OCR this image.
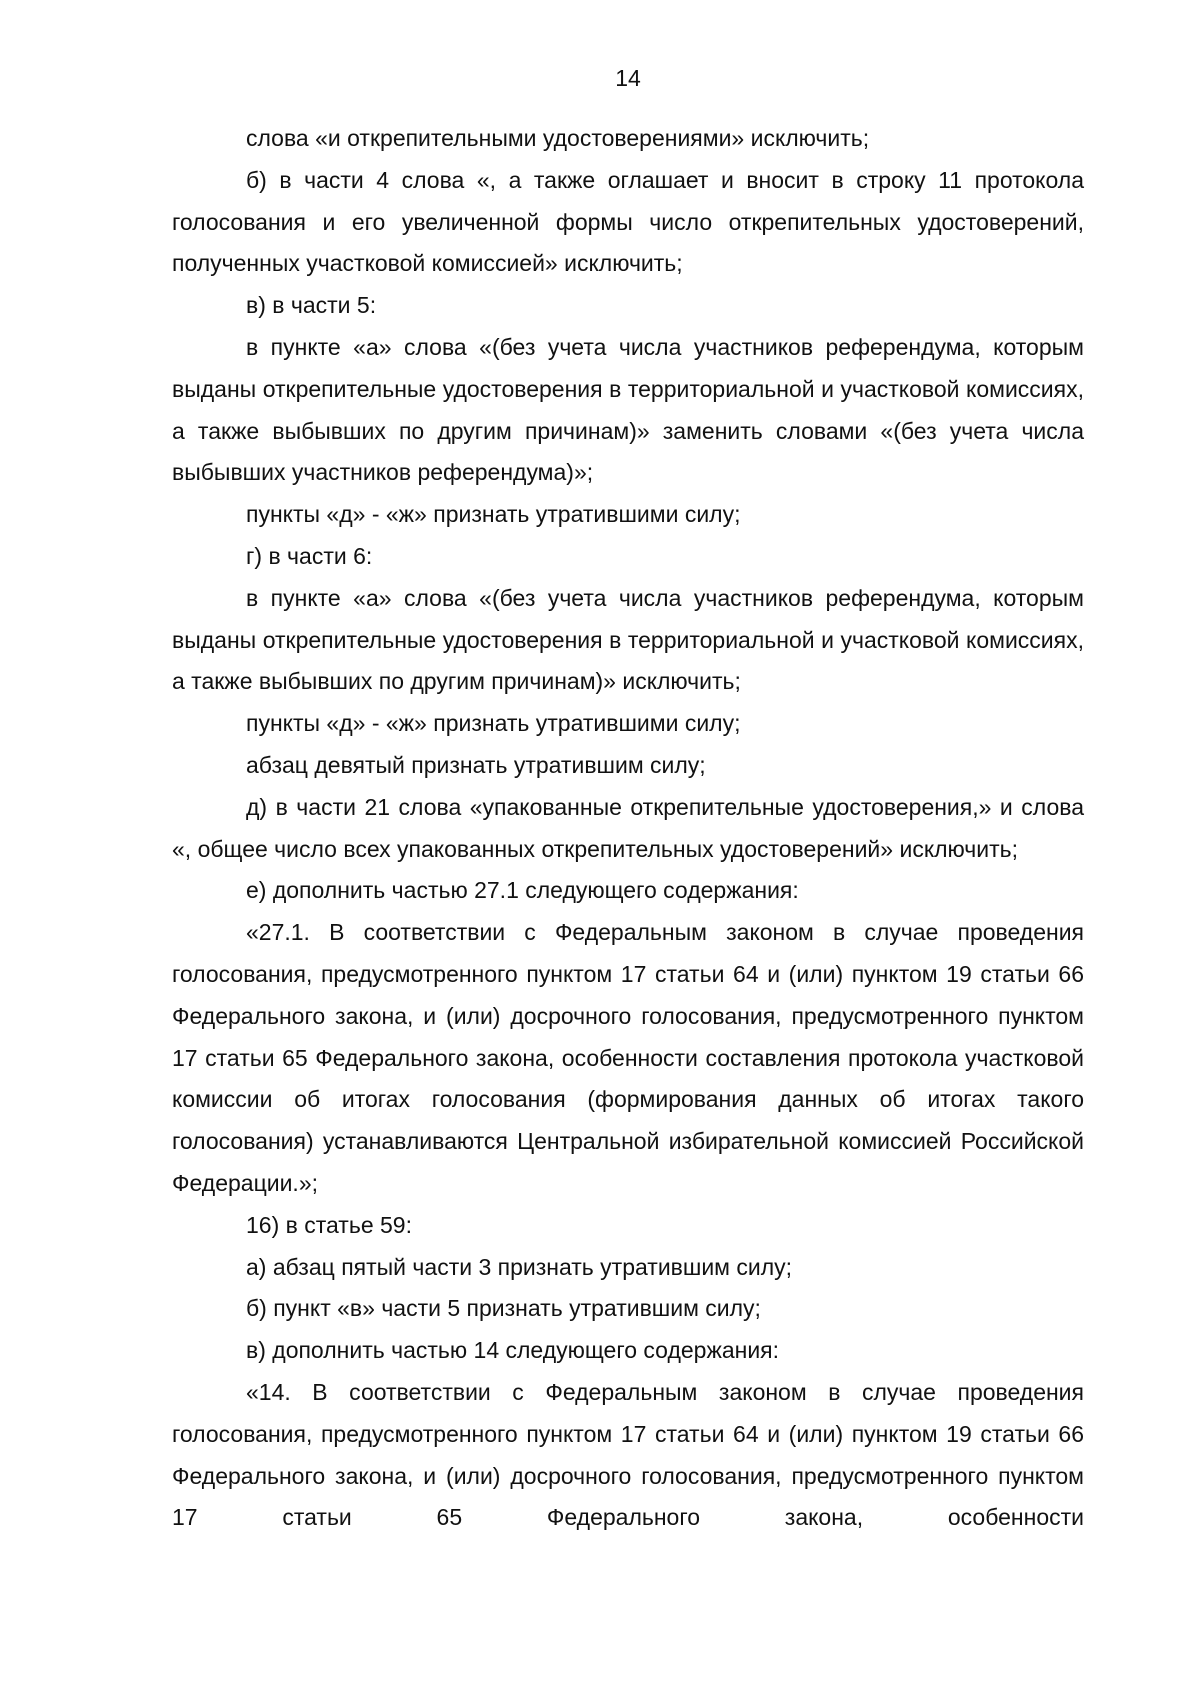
14

слова «и открепительными удостоверениями» исключить;

б) в части 4 слова «, а также оглашает и вносит в строку 11 протокола голосования и его увеличенной формы число открепительных удостоверений, полученных участковой комиссией» исключить;

в) в части 5:

в пункте «а» слова «(без учета числа участников референдума, которым выданы открепительные удостоверения в территориальной и участковой комиссиях, а также выбывших по другим причинам)» заменить словами «(без учета числа выбывших участников референдума)»;

пункты «д» - «ж» признать утратившими силу;

г) в части 6:

в пункте «а» слова «(без учета числа участников референдума, которым выданы открепительные удостоверения в территориальной и участковой комиссиях, а также выбывших по другим причинам)» исключить;

пункты «д» - «ж» признать утратившими силу;

абзац девятый признать утратившим силу;

д) в части 21 слова «упакованные открепительные удостоверения,» и слова «, общее число всех упакованных открепительных удостоверений» исключить;

е) дополнить частью 27.1 следующего содержания:

«27.1. В соответствии с Федеральным законом в случае проведения голосования, предусмотренного пунктом 17 статьи 64 и (или) пунктом 19 статьи 66 Федерального закона, и (или) досрочного голосования, предусмотренного пунктом 17 статьи 65 Федерального закона, особенности составления протокола участковой комиссии об итогах голосования (формирования данных об итогах такого голосования) устанавливаются Центральной избирательной комиссией Российской Федерации.»;

16) в статье 59:

а) абзац пятый части 3 признать утратившим силу;

б) пункт «в» части 5 признать утратившим силу;

в) дополнить частью 14 следующего содержания:

«14. В соответствии с Федеральным законом в случае проведения голосования, предусмотренного пунктом 17 статьи 64 и (или) пунктом 19 статьи 66 Федерального закона, и (или) досрочного голосования, предусмотренного пунктом 17 статьи 65 Федерального закона, особенности
